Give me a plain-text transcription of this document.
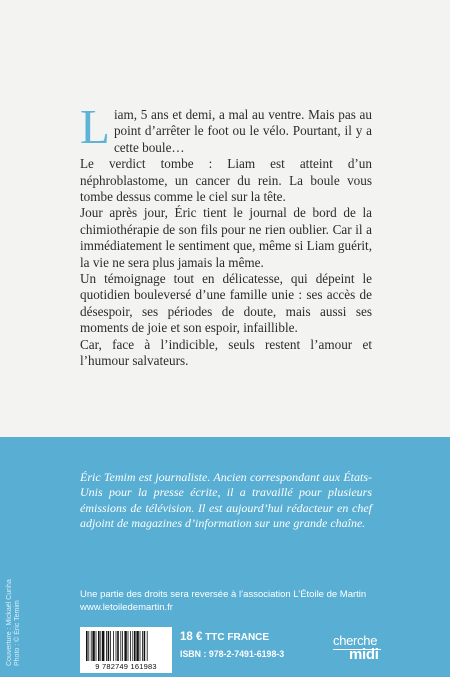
Liam, 5 ans et demi, a mal au ventre. Mais pas au point d’arrêter le foot ou le vélo. Pourtant, il y a cette boule…

Le verdict tombe : Liam est atteint d’un néphroblastome, un cancer du rein. La boule vous tombe dessus comme le ciel sur la tête.

Jour après jour, Éric tient le journal de bord de la chimiothérapie de son fils pour ne rien oublier. Car il a immédiatement le sentiment que, même si Liam guérit, la vie ne sera plus jamais la même.

Un témoignage tout en délicatesse, qui dépeint le quotidien bouleversé d’une famille unie : ses accès de désespoir, ses périodes de doute, mais aussi ses moments de joie et son espoir, infaillible.

Car, face à l’indicible, seuls restent l’amour et l’humour salvateurs.

Éric Temim est journaliste. Ancien correspondant aux États-Unis pour la presse écrite, il a travaillé pour plusieurs émissions de télévision. Il est aujourd’hui rédacteur en chef adjoint de magazines d’information sur une grande chaîne.

Couverture : Mickaël Cunha Photo : © Éric Temim
Une partie des droits sera reversée à l’association L’Étoile de Martin
www.letoiledemartin.fr
9 782749 161983
18 € TTC FRANCE
ISBN : 978-2-7491-6198-3
cherche
midi
